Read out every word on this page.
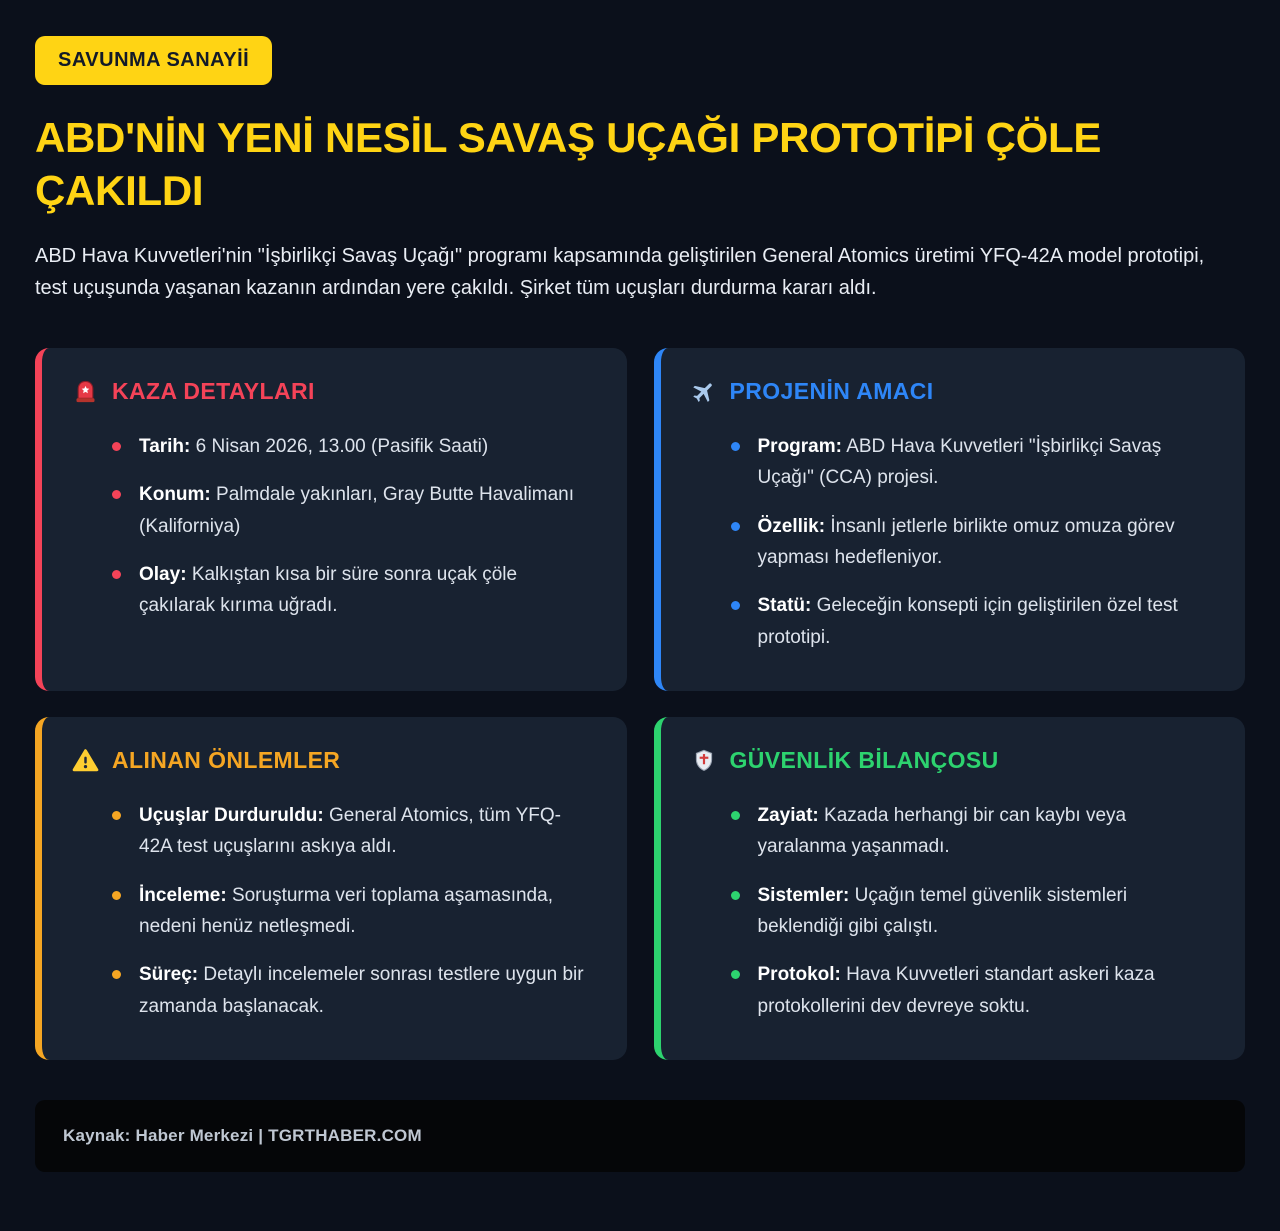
SAVUNMA SANAYİİ
ABD'NİN YENİ NESİL SAVAŞ UÇAĞI PROTOTİPİ ÇÖLE ÇAKILDI

ABD Hava Kuvvetleri'nin "İşbirlikçi Savaş Uçağı" programı kapsamında geliştirilen General Atomics üretimi YFQ-42A model prototipi, test uçuşunda yaşanan kazanın ardından yere çakıldı. Şirket tüm uçuşları durdurma kararı aldı.

KAZA DETAYLARI
Tarih: 6 Nisan 2026, 13.00 (Pasifik Saati)
Konum: Palmdale yakınları, Gray Butte Havalimanı (Kaliforniya)
Olay: Kalkıştan kısa bir süre sonra uçak çöle çakılarak kırıma uğradı.
PROJENİN AMACI
Program: ABD Hava Kuvvetleri "İşbirlikçi Savaş Uçağı" (CCA) projesi.
Özellik: İnsanlı jetlerle birlikte omuz omuza görev yapması hedefleniyor.
Statü: Geleceğin konsepti için geliştirilen özel test prototipi.
ALINAN ÖNLEMLER
Uçuşlar Durduruldu: General Atomics, tüm YFQ-42A test uçuşlarını askıya aldı.
İnceleme: Soruşturma veri toplama aşamasında, nedeni henüz netleşmedi.
Süreç: Detaylı incelemeler sonrası testlere uygun bir zamanda başlanacak.
GÜVENLİK BİLANÇOSU
Zayiat: Kazada herhangi bir can kaybı veya yaralanma yaşanmadı.
Sistemler: Uçağın temel güvenlik sistemleri beklendiği gibi çalıştı.
Protokol: Hava Kuvvetleri standart askeri kaza protokollerini dev devreye soktu.
Kaynak: Haber Merkezi | TGRTHABER.COM
